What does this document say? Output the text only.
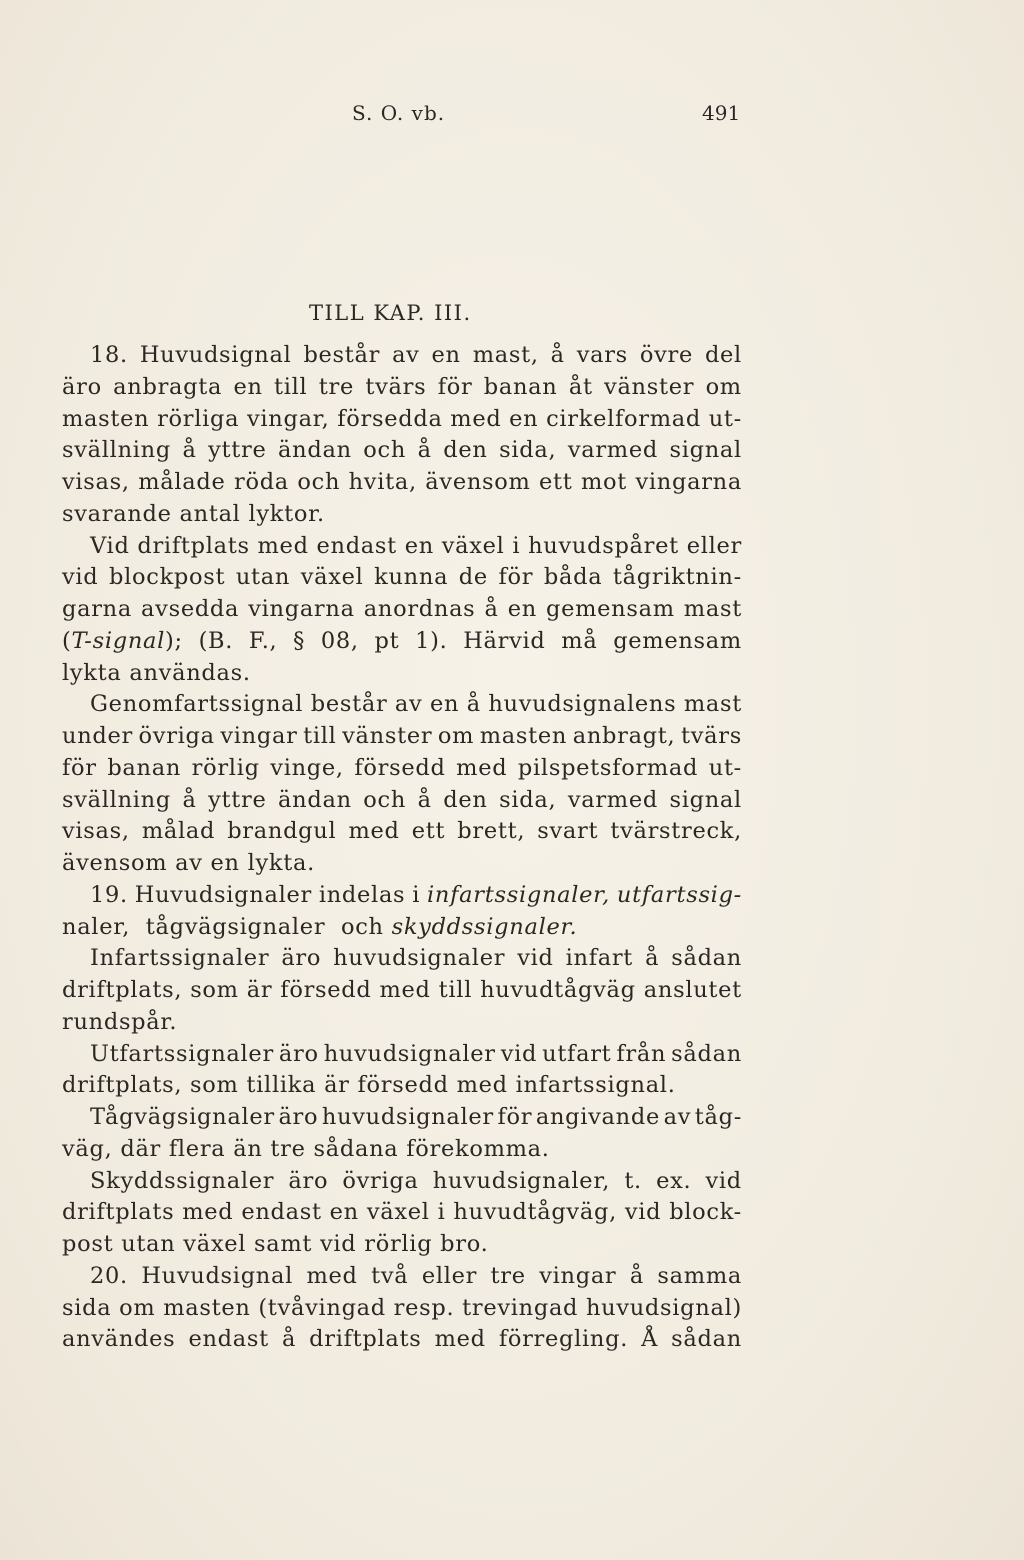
S. O. vb.	491
TILL KAP. III.
18. Huvudsignal består av en mast, å vars övre del
äro anbragta en till tre tvärs för banan åt vänster om
masten rörliga vingar, försedda med en cirkelformad ut-
svällning å yttre ändan och å den sida, varmed signal
visas, målade röda och hvita, ävensom ett mot vingarna
svarande antal lyktor.
Vid driftplats med endast en växel i huvudspåret eller
vid blockpost utan växel kunna de för båda tågriktnin-
garna avsedda vingarna anordnas å en gemensam mast
(T-signal); (B. F., § 08, pt 1). Härvid må gemensam
lykta användas.
Genomfartssignal består av en å huvudsignalens mast
under övriga vingar till vänster om masten anbragt, tvärs
för banan rörlig vinge, försedd med pilspetsformad ut-
svällning å yttre ändan och å den sida, varmed signal
visas, målad brandgul med ett brett, svart tvärstreck,
ävensom av en lykta.
19. Huvudsignaler indelas i infartssignaler, utfartssig-
naler, tågvägsignaler och skyddssignaler.
Infartssignaler äro huvudsignaler vid infart å sådan
driftplats, som är försedd med till huvudtågväg anslutet
rundspår.
Utfartssignaler äro huvudsignaler vid utfart från sådan
driftplats, som tillika är försedd med infartssignal.
Tågvägsignaler äro huvudsignaler för angivande av tåg-
väg, där flera än tre sådana förekomma.
Skyddssignaler äro övriga huvudsignaler, t. ex. vid
driftplats med endast en växel i huvudtågväg, vid block-
post utan växel samt vid rörlig bro.
20. Huvudsignal med två eller tre vingar å samma
sida om masten (tvåvingad resp. trevingad huvudsignal)
användes endast å driftplats med förregling. Å sådan
